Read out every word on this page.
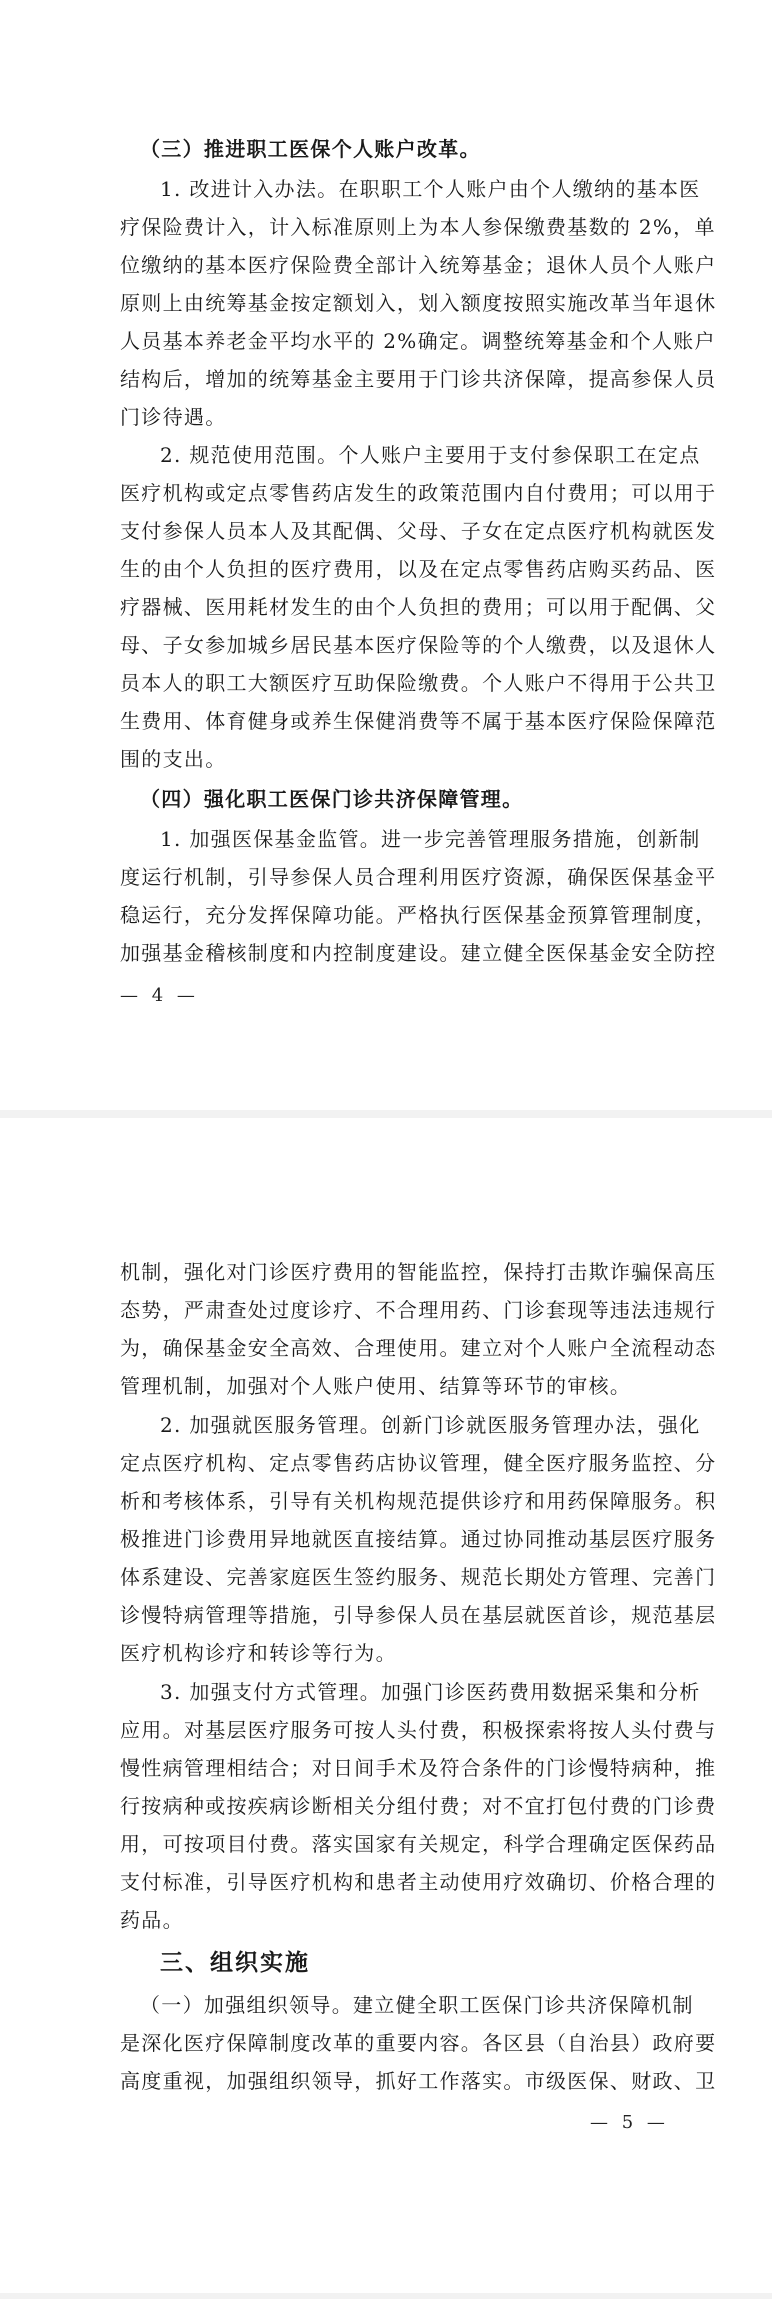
（三）推进职工医保个人账户改革。
1. 改进计入办法。在职职工个人账户由个人缴纳的基本医
疗保险费计入，计入标准原则上为本人参保缴费基数的 2%，单
位缴纳的基本医疗保险费全部计入统筹基金；退休人员个人账户
原则上由统筹基金按定额划入，划入额度按照实施改革当年退休
人员基本养老金平均水平的 2%确定。调整统筹基金和个人账户
结构后，增加的统筹基金主要用于门诊共济保障，提高参保人员
门诊待遇。
2. 规范使用范围。个人账户主要用于支付参保职工在定点
医疗机构或定点零售药店发生的政策范围内自付费用；可以用于
支付参保人员本人及其配偶、父母、子女在定点医疗机构就医发
生的由个人负担的医疗费用，以及在定点零售药店购买药品、医
疗器械、医用耗材发生的由个人负担的费用；可以用于配偶、父
母、子女参加城乡居民基本医疗保险等的个人缴费，以及退休人
员本人的职工大额医疗互助保险缴费。个人账户不得用于公共卫
生费用、体育健身或养生保健消费等不属于基本医疗保险保障范
围的支出。
（四）强化职工医保门诊共济保障管理。
1. 加强医保基金监管。进一步完善管理服务措施，创新制
度运行机制，引导参保人员合理利用医疗资源，确保医保基金平
稳运行，充分发挥保障功能。严格执行医保基金预算管理制度，
加强基金稽核制度和内控制度建设。建立健全医保基金安全防控
— 4 —
机制，强化对门诊医疗费用的智能监控，保持打击欺诈骗保高压
态势，严肃查处过度诊疗、不合理用药、门诊套现等违法违规行
为，确保基金安全高效、合理使用。建立对个人账户全流程动态
管理机制，加强对个人账户使用、结算等环节的审核。
2. 加强就医服务管理。创新门诊就医服务管理办法，强化
定点医疗机构、定点零售药店协议管理，健全医疗服务监控、分
析和考核体系，引导有关机构规范提供诊疗和用药保障服务。积
极推进门诊费用异地就医直接结算。通过协同推动基层医疗服务
体系建设、完善家庭医生签约服务、规范长期处方管理、完善门
诊慢特病管理等措施，引导参保人员在基层就医首诊，规范基层
医疗机构诊疗和转诊等行为。
3. 加强支付方式管理。加强门诊医药费用数据采集和分析
应用。对基层医疗服务可按人头付费，积极探索将按人头付费与
慢性病管理相结合；对日间手术及符合条件的门诊慢特病种，推
行按病种或按疾病诊断相关分组付费；对不宜打包付费的门诊费
用，可按项目付费。落实国家有关规定，科学合理确定医保药品
支付标准，引导医疗机构和患者主动使用疗效确切、价格合理的
药品。
三、组织实施
（一）加强组织领导。建立健全职工医保门诊共济保障机制
是深化医疗保障制度改革的重要内容。各区县（自治县）政府要
高度重视，加强组织领导，抓好工作落实。市级医保、财政、卫
— 5 —
